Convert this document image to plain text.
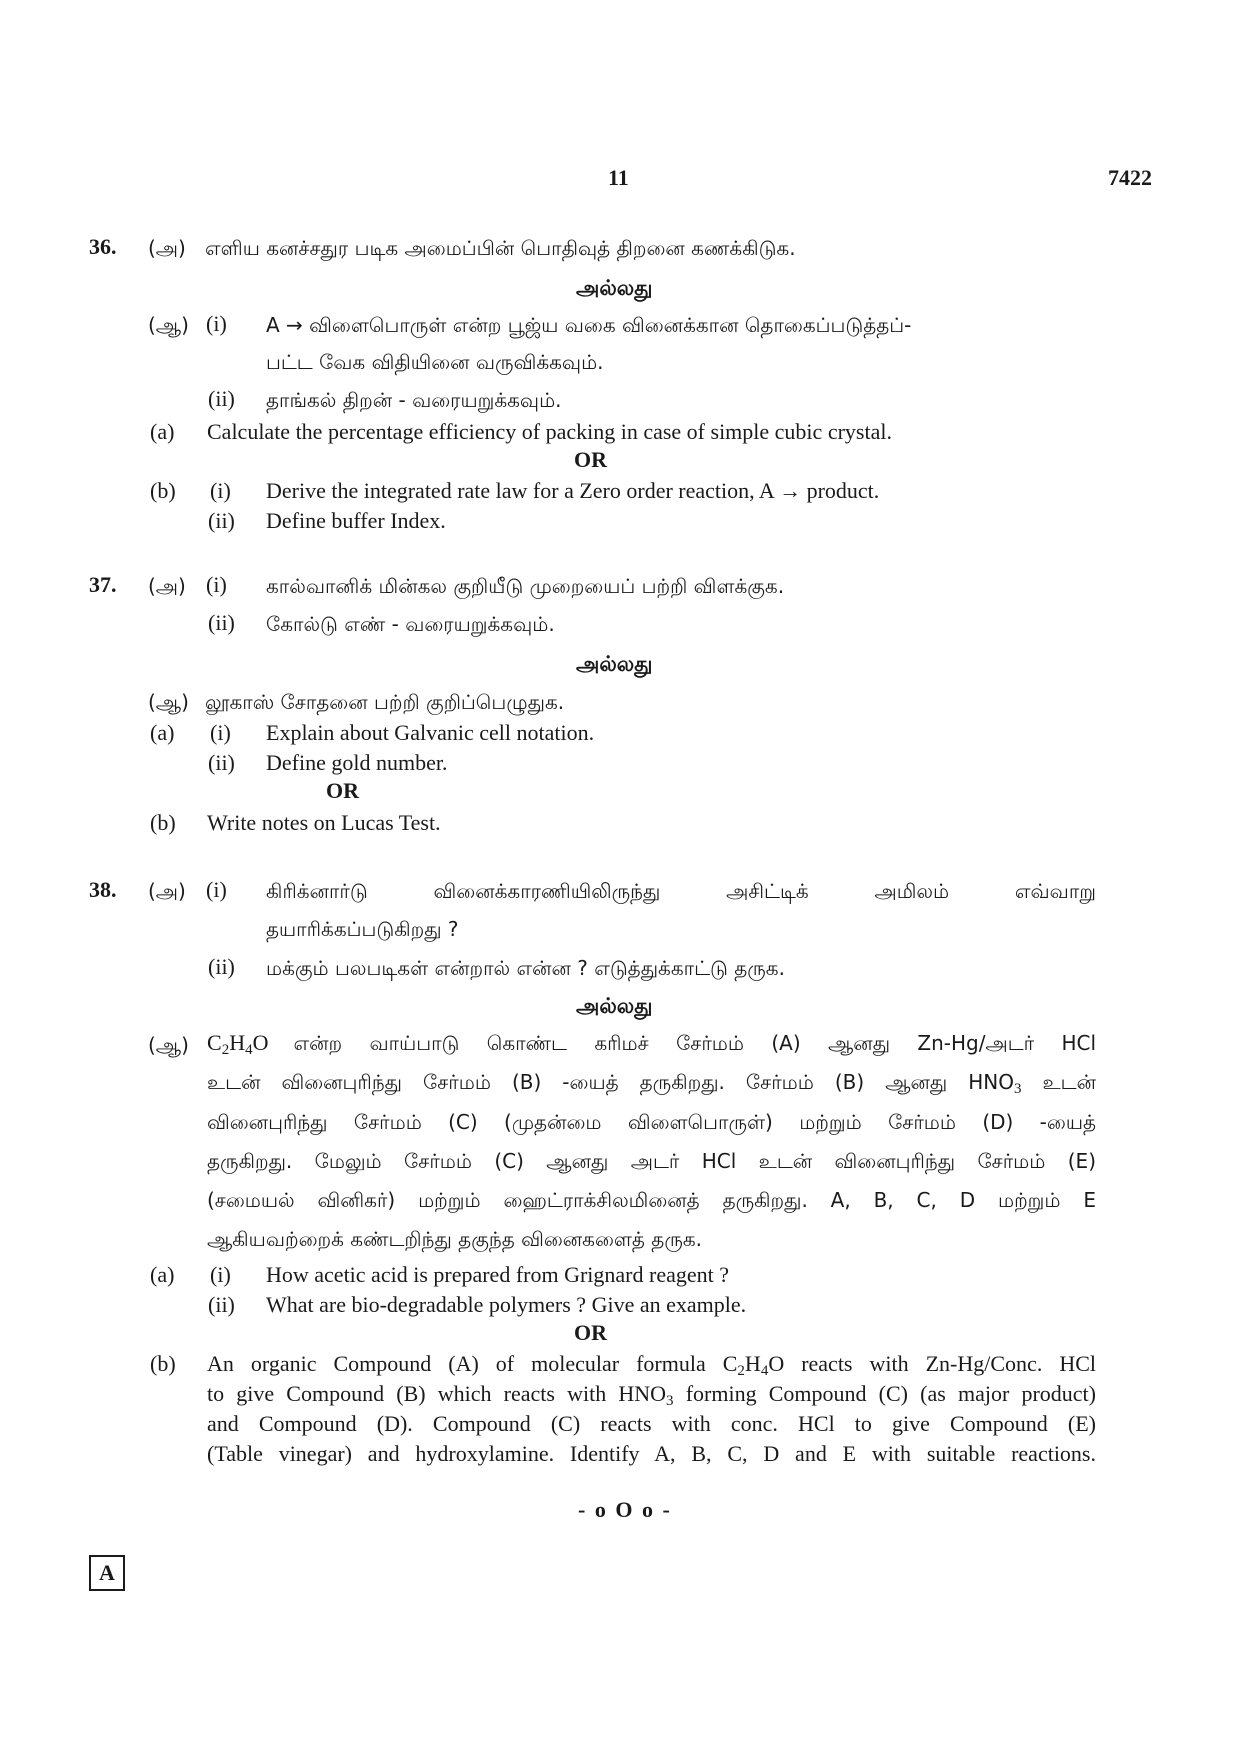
11	7422
36. (அ) எளிய கனச்சதுர படிக அமைப்பின் பொதிவுத் திறனை கணக்கிடுக.
அல்லது
(ஆ) (i) A → விளைபொருள் என்ற பூஜ்ய வகை வினைக்கான தொகைப்படுத்தப்-
பட்ட வேக விதியினை வருவிக்கவும்.
(ii) தாங்கல் திறன் - வரையறுக்கவும்.
(a) Calculate the percentage efficiency of packing in case of simple cubic crystal.
OR
(b) (i) Derive the integrated rate law for a Zero order reaction, A → product.
(ii) Define buffer Index.
37. (அ) (i) கால்வானிக் மின்கல குறியீடு முறையைப் பற்றி விளக்குக.
(ii) கோல்டு எண் - வரையறுக்கவும்.
அல்லது
(ஆ) லூகாஸ் சோதனை பற்றி குறிப்பெழுதுக.
(a) (i) Explain about Galvanic cell notation.
(ii) Define gold number.
OR
(b) Write notes on Lucas Test.
38. (அ) (i) கிரிக்னார்டு வினைக்காரணியிலிருந்து அசிட்டிக் அமிலம் எவ்வாறு
தயாரிக்கப்படுகிறது ?
(ii) மக்கும் பலபடிகள் என்றால் என்ன ? எடுத்துக்காட்டு தருக.
அல்லது
(ஆ) $C_2H_4O$ என்ற வாய்பாடு கொண்ட கரிமச் சேர்மம் (A) ஆனது Zn-Hg/அடர் HCl
உடன் வினைபுரிந்து சேர்மம் (B) -யைத் தருகிறது. சேர்மம் (B) ஆனது $HNO_3$ உடன்
வினைபுரிந்து சேர்மம் (C) (முதன்மை விளைபொருள்) மற்றும் சேர்மம் (D) -யைத்
தருகிறது. மேலும் சேர்மம் (C) ஆனது அடர் HCl உடன் வினைபுரிந்து சேர்மம் (E)
(சமையல் வினிகர்) மற்றும் ஹைட்ராக்சிலமினைத் தருகிறது. A, B, C, D மற்றும் E
ஆகியவற்றைக் கண்டறிந்து தகுந்த வினைகளைத் தருக.
(a) (i) How acetic acid is prepared from Grignard reagent ?
(ii) What are bio-degradable polymers ? Give an example.
OR
(b) An organic Compound (A) of molecular formula $C_2H_4O$ reacts with Zn-Hg/Conc. HCl
to give Compound (B) which reacts with $HNO_3$ forming Compound (C) (as major product)
and Compound (D). Compound (C) reacts with conc. HCl to give Compound (E)
(Table vinegar) and hydroxylamine. Identify A, B, C, D and E with suitable reactions.
- o O o -
A
